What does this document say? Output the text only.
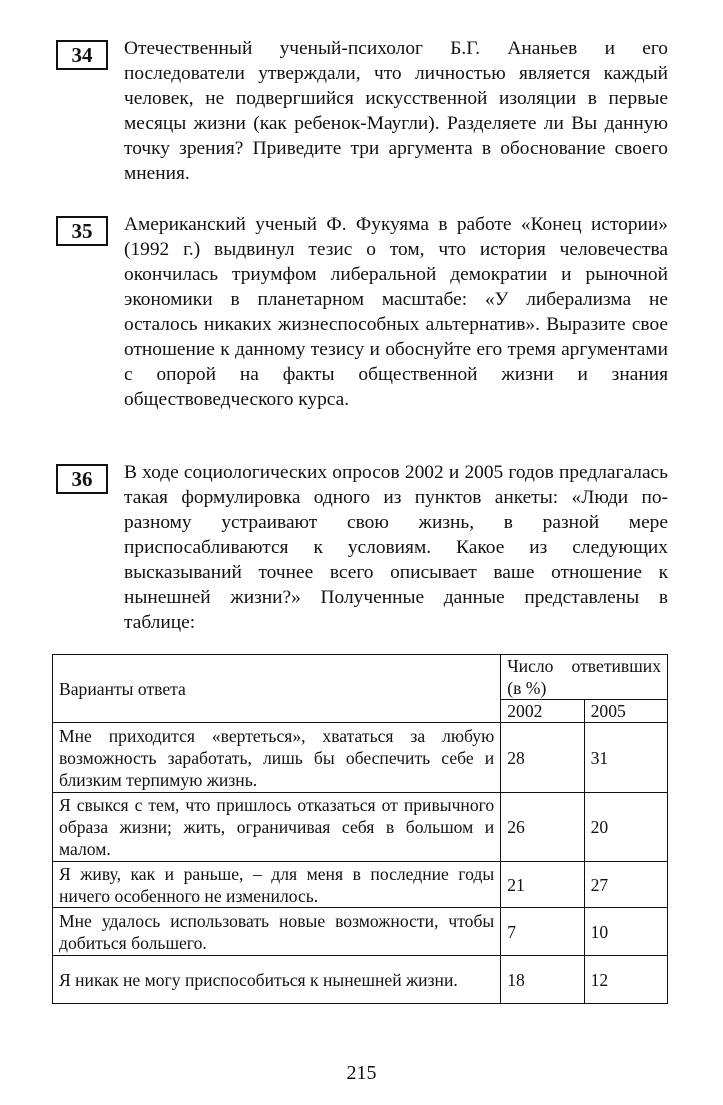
34	Отечественный ученый-психолог Б.Г. Ананьев и его последователи утверждали, что личностью является каждый человек, не подвергшийся искусственной изоляции в первые месяцы жизни (как ребенок-Маугли). Разделяете ли Вы данную точку зрения? Приведите три аргумента в обоснование своего мнения.
35	Американский ученый Ф. Фукуяма в работе «Конец истории» (1992 г.) выдвинул тезис о том, что история человечества окончилась триумфом либеральной демократии и рыночной экономики в планетарном масштабе: «У либерализма не осталось никаких жизнеспособных альтернатив». Выразите свое отношение к данному тезису и обоснуйте его тремя аргументами с опорой на факты общественной жизни и знания обществоведческого курса.
36	В ходе социологических опросов 2002 и 2005 годов предлагалась такая формулировка одного из пунктов анкеты: «Люди по-разному устраивают свою жизнь, в разной мере приспосабливаются к условиям. Какое из следующих высказываний точнее всего описывает ваше отношение к нынешней жизни?» Полученные данные представлены в таблице:
Варианты ответа	Число ответивших (в %)	
	2002	2005
Мне приходится «вертеться», хвататься за любую возможность заработать, лишь бы обеспечить себе и близким терпимую жизнь.	28	31
Я свыкся с тем, что пришлось отказаться от привычного образа жизни; жить, ограничивая себя в большом и малом.	26	20
Я живу, как и раньше, – для меня в последние годы ничего особенного не изменилось.	21	27
Мне удалось использовать новые возможности, чтобы добиться большего.	7	10
Я никак не могу приспособиться к нынешней жизни.	18	12
215
